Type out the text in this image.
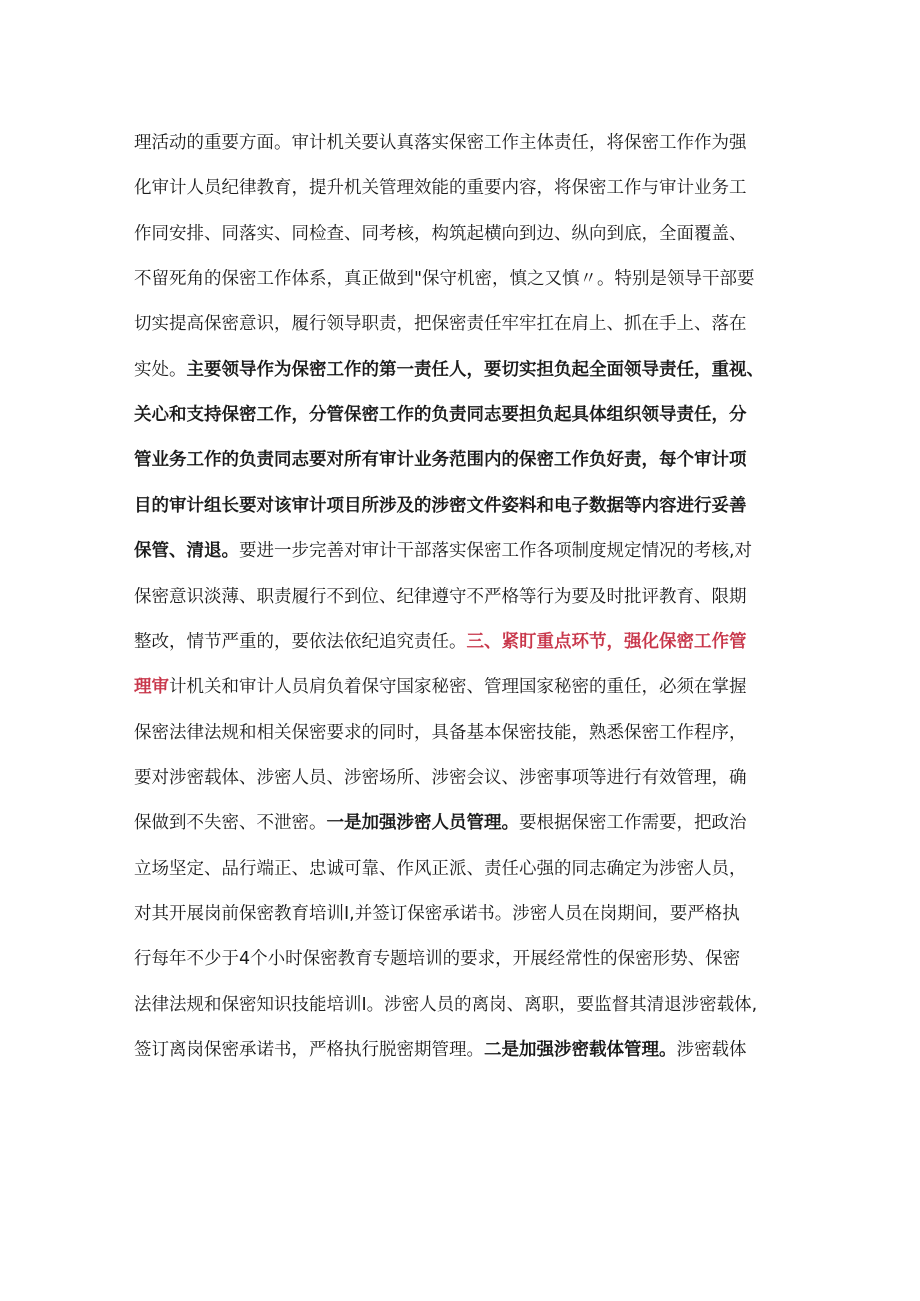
理活动的重要方面。审计机关要认真落实保密工作主体责任，将保密工作作为强
化审计人员纪律教育，提升机关管理效能的重要内容，将保密工作与审计业务工
作同安排、同落实、同检查、同考核，构筑起横向到边、纵向到底，全面覆盖、
不留死角的保密工作体系，真正做到"保守机密，慎之又慎〃。特别是领导干部要
切实提高保密意识，履行领导职责，把保密责任牢牢扛在肩上、抓在手上、落在
实处。主要领导作为保密工作的第一责任人，要切实担负起全面领导责任，重视、
关心和支持保密工作，分管保密工作的负责同志要担负起具体组织领导责任，分
管业务工作的负责同志要对所有审计业务范围内的保密工作负好责，每个审计项
目的审计组长要对该审计项目所涉及的涉密文件姿料和电子数据等内容进行妥善
保管、清退。要进一步完善对审计干部落实保密工作各项制度规定情况的考核,对
保密意识淡薄、职责履行不到位、纪律遵守不严格等行为要及时批评教育、限期
整改，情节严重的，要依法依纪追究责任。三、紧盯重点环节，强化保密工作管
理审计机关和审计人员肩负着保守国家秘密、管理国家秘密的重任，必须在掌握
保密法律法规和相关保密要求的同时，具备基本保密技能，熟悉保密工作程序，
要对涉密载体、涉密人员、涉密场所、涉密会议、涉密事项等进行有效管理，确
保做到不失密、不泄密。一是加强涉密人员管理。要根据保密工作需要，把政治
立场坚定、品行端正、忠诚可靠、作风正派、责任心强的同志确定为涉密人员，
对其开展岗前保密教育培训I,并签订保密承诺书。涉密人员在岗期间，要严格执
行每年不少于4个小时保密教育专题培训的要求，开展经常性的保密形势、保密
法律法规和保密知识技能培训I。涉密人员的离岗、离职，要监督其清退涉密载体,
签订离岗保密承诺书，严格执行脱密期管理。二是加强涉密载体管理。涉密载体
